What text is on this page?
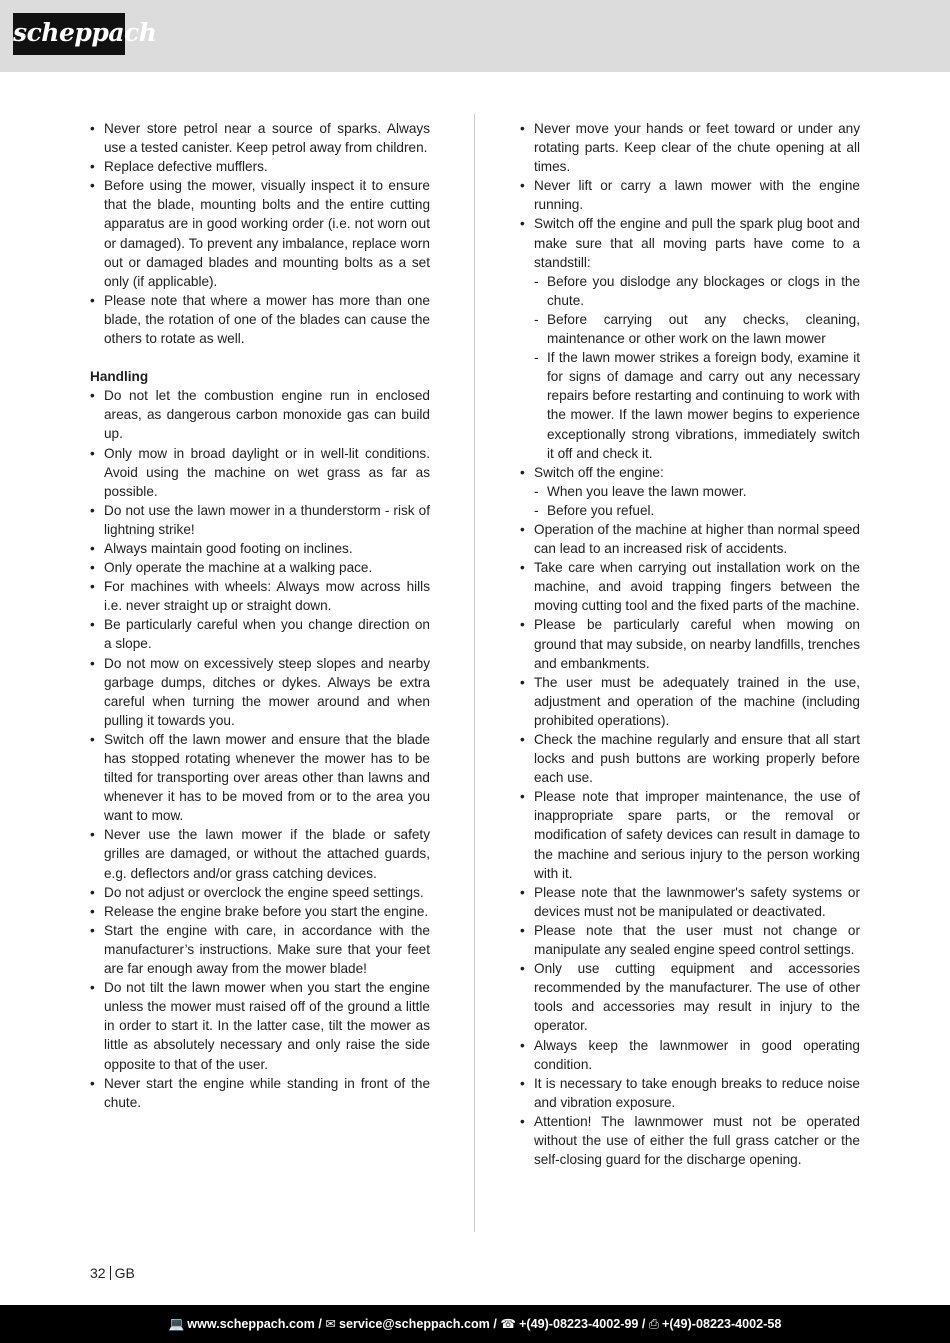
scheppach
• Never store petrol near a source of sparks. Always use a tested canister. Keep petrol away from children.
• Replace defective mufflers.
• Before using the mower, visually inspect it to ensure that the blade, mounting bolts and the entire cutting apparatus are in good working order (i.e. not worn out or damaged). To prevent any imbalance, replace worn out or damaged blades and mounting bolts as a set only (if applicable).
• Please note that where a mower has more than one blade, the rotation of one of the blades can cause the others to rotate as well.
Handling
• Do not let the combustion engine run in enclosed areas, as dangerous carbon monoxide gas can build up.
• Only mow in broad daylight or in well-lit conditions. Avoid using the machine on wet grass as far as possible.
• Do not use the lawn mower in a thunderstorm - risk of lightning strike!
• Always maintain good footing on inclines.
• Only operate the machine at a walking pace.
• For machines with wheels: Always mow across hills i.e. never straight up or straight down.
• Be particularly careful when you change direction on a slope.
• Do not mow on excessively steep slopes and nearby garbage dumps, ditches or dykes. Always be extra careful when turning the mower around and when pulling it towards you.
• Switch off the lawn mower and ensure that the blade has stopped rotating whenever the mower has to be tilted for transporting over areas other than lawns and whenever it has to be moved from or to the area you want to mow.
• Never use the lawn mower if the blade or safety grilles are damaged, or without the attached guards, e.g. deflectors and/or grass catching devices.
• Do not adjust or overclock the engine speed settings.
• Release the engine brake before you start the engine.
• Start the engine with care, in accordance with the manufacturer’s instructions. Make sure that your feet are far enough away from the mower blade!
• Do not tilt the lawn mower when you start the engine unless the mower must raised off of the ground a little in order to start it. In the latter case, tilt the mower as little as absolutely necessary and only raise the side opposite to that of the user.
• Never start the engine while standing in front of the chute.
• Never move your hands or feet toward or under any rotating parts. Keep clear of the chute opening at all times.
• Never lift or carry a lawn mower with the engine running.
• Switch off the engine and pull the spark plug boot and make sure that all moving parts have come to a standstill:
- Before you dislodge any blockages or clogs in the chute.
- Before carrying out any checks, cleaning, maintenance or other work on the lawn mower
- If the lawn mower strikes a foreign body, examine it for signs of damage and carry out any necessary repairs before restarting and continuing to work with the mower. If the lawn mower begins to experience exceptionally strong vibrations, immediately switch it off and check it.
• Switch off the engine:
- When you leave the lawn mower.
- Before you refuel.
• Operation of the machine at higher than normal speed can lead to an increased risk of accidents.
• Take care when carrying out installation work on the machine, and avoid trapping fingers between the moving cutting tool and the fixed parts of the machine.
• Please be particularly careful when mowing on ground that may subside, on nearby landfills, trenches and embankments.
• The user must be adequately trained in the use, adjustment and operation of the machine (including prohibited operations).
• Check the machine regularly and ensure that all start locks and push buttons are working properly before each use.
• Please note that improper maintenance, the use of inappropriate spare parts, or the removal or modification of safety devices can result in damage to the machine and serious injury to the person working with it.
• Please note that the lawnmower's safety systems or devices must not be manipulated or deactivated.
• Please note that the user must not change or manipulate any sealed engine speed control settings.
• Only use cutting equipment and accessories recommended by the manufacturer. The use of other tools and accessories may result in injury to the operator.
• Always keep the lawnmower in good operating condition.
• It is necessary to take enough breaks to reduce noise and vibration exposure.
• Attention! The lawnmower must not be operated without the use of either the full grass catcher or the self-closing guard for the discharge opening.
32 GB
💻 www.scheppach.com / ✉ service@scheppach.com / ☎ +(49)-08223-4002-99 / ⎙ +(49)-08223-4002-58
